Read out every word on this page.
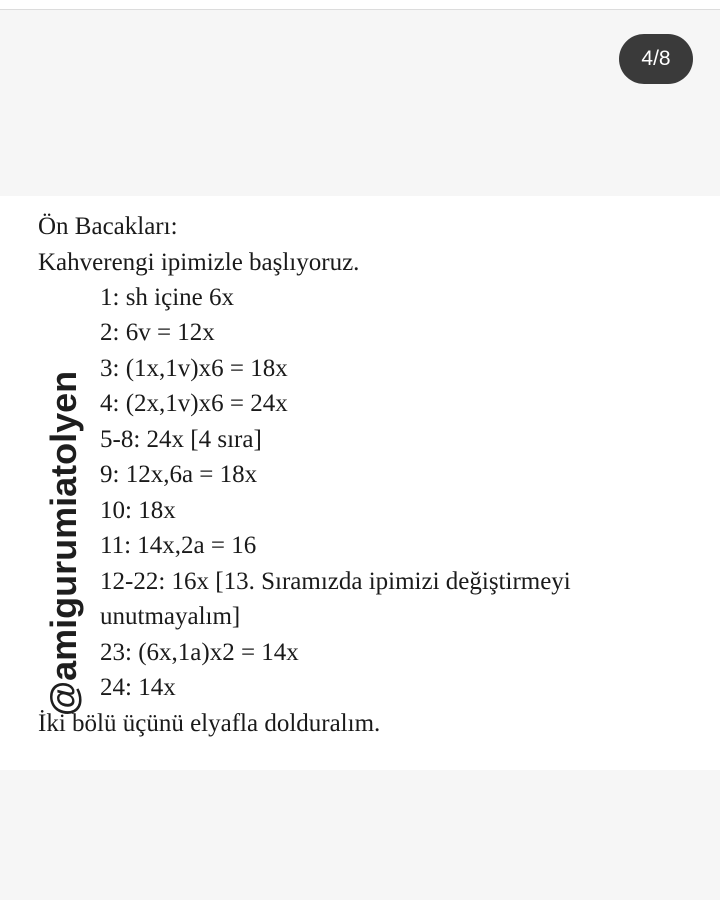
4/8
Ön Bacakları:
Kahverengi ipimizle başlıyoruz.
1: sh içine 6x
2: 6v = 12x
3: (1x,1v)x6 = 18x
4: (2x,1v)x6 = 24x
5-8: 24x [4 sıra]
9: 12x,6a = 18x
10: 18x
11: 14x,2a = 16
12-22: 16x [13. Sıramızda ipimizi değiştirmeyi
unutmayalım]
23: (6x,1a)x2 = 14x
24: 14x
İki bölü üçünü elyafla dolduralım.
@amigurumiatolyen
